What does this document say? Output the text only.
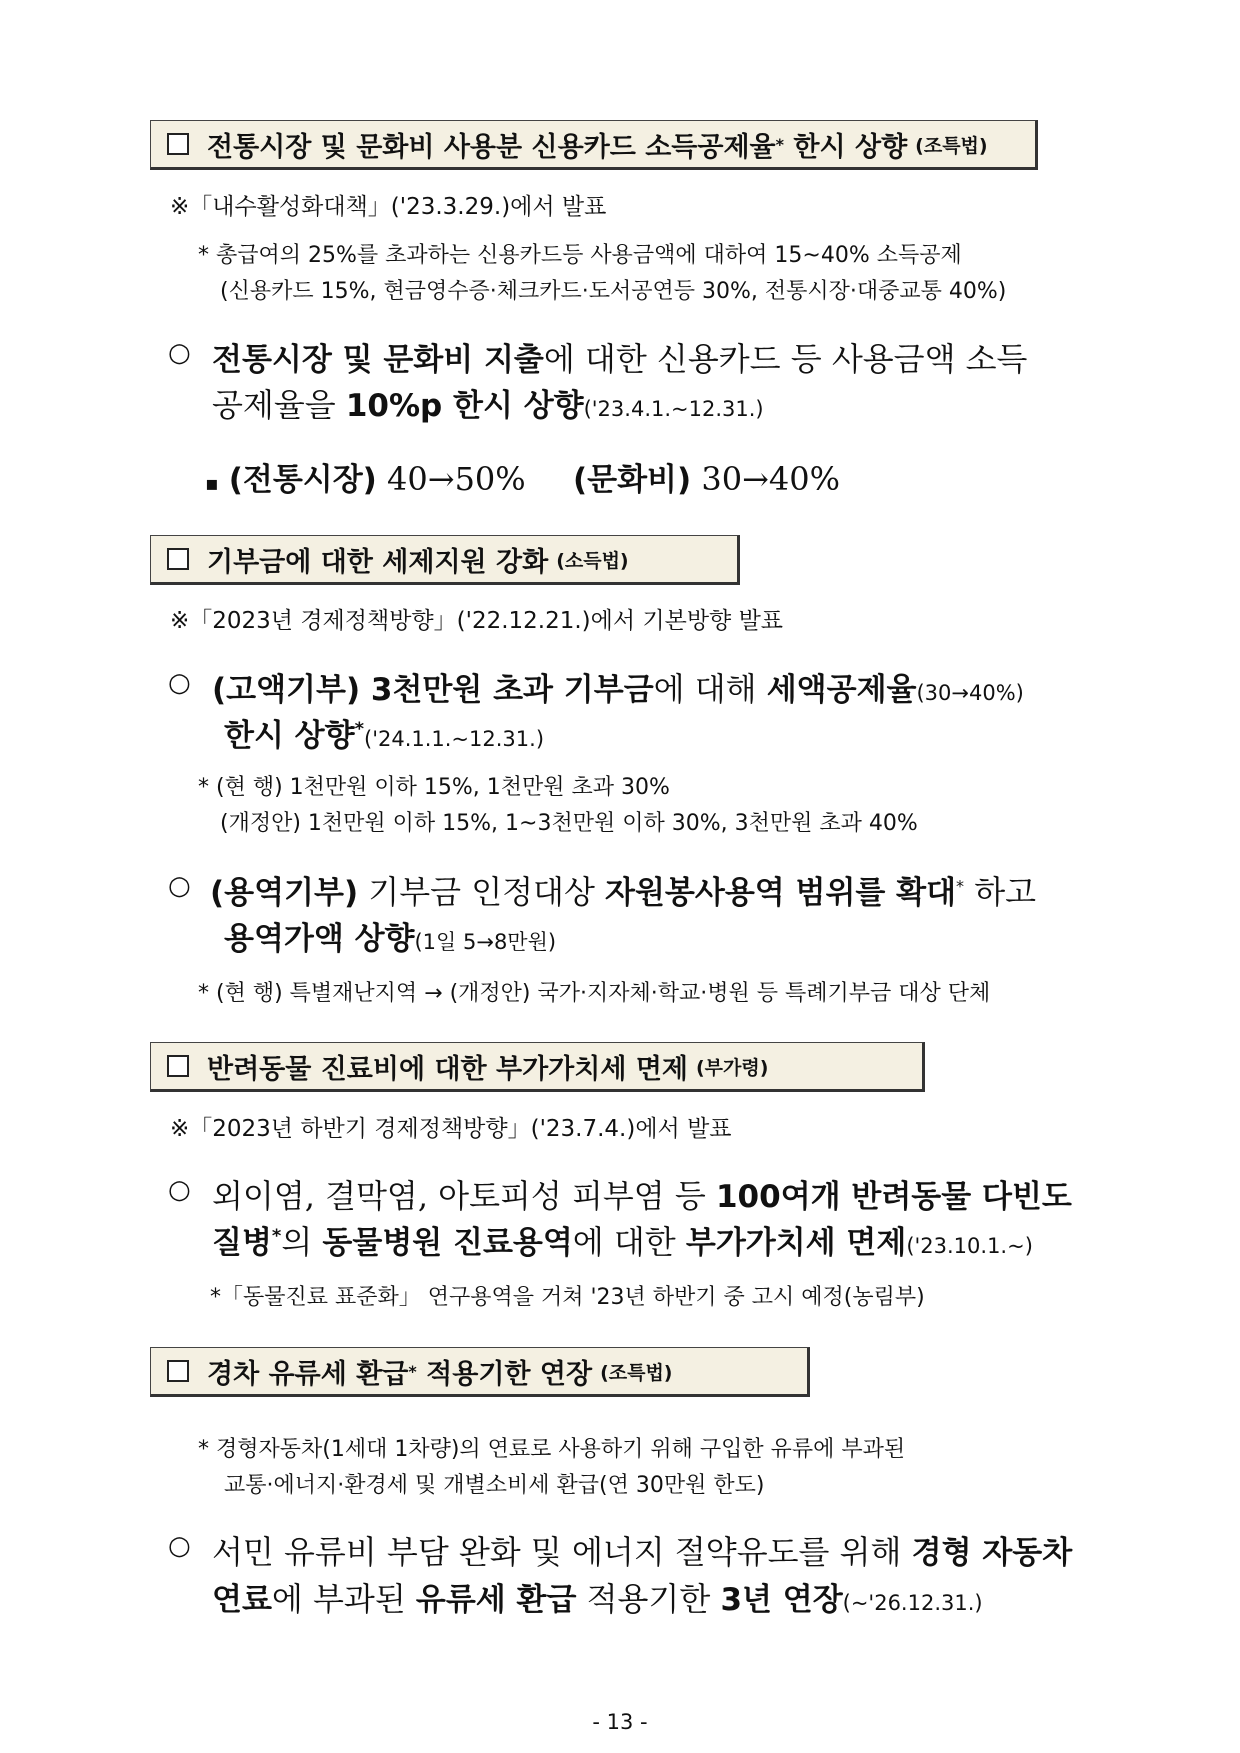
전통시장 및 문화비 사용분 신용카드 소득공제율 *
한시 상향 (조특법)
※「내수활성화대책」('23.3.29.)에서 발표
* 총급여의 25%를 초과하는 신용카드등 사용금액에 대하여 15~40% 소득공제
(신용카드 15%, 현금영수증·체크카드·도서공연등 30%, 전통시장·대중교통 40%)
○ 전통시장 및 문화비 지출에 대한 신용카드 등 사용금액 소득
공제율을 10%p 한시 상향('23.4.1.~12.31.)
▪ (전통시장) 40→50% (문화비) 30→40%
기부금에 대한 세제지원 강화 (소득법)
※「2023년 경제정책방향」('22.12.21.)에서 기본방향 발표
○ (고액기부) 3천만원 초과 기부금에 대해 세액공제율(30→40%)
한시 상향*('24.1.1.~12.31.)
* (현 행) 1천만원 이하 15%, 1천만원 초과 30%
(개정안) 1천만원 이하 15%, 1~3천만원 이하 30%, 3천만원 초과 40%
○ (용역기부) 기부금 인정대상 자원봉사용역 범위를 확대* 하고
용역가액 상향(1일 5→8만원)
* (현 행) 특별재난지역 → (개정안) 국가·지자체·학교·병원 등 특례기부금 대상 단체
반려동물 진료비에 대한 부가가치세 면제 (부가령)
※「2023년 하반기 경제정책방향」('23.7.4.)에서 발표
○ 외이염, 결막염, 아토피성 피부염 등 100여개 반려동물 다빈도
질병*의 동물병원 진료용역에 대한 부가가치세 면제('23.10.1.~)
*「동물진료 표준화」 연구용역을 거쳐 '23년 하반기 중 고시 예정(농림부)
경차 유류세 환급 *
적용기한 연장 (조특법)
* 경형자동차(1세대 1차량)의 연료로 사용하기 위해 구입한 유류에 부과된
교통·에너지·환경세 및 개별소비세 환급(연 30만원 한도)
○ 서민 유류비 부담 완화 및 에너지 절약유도를 위해 경형 자동차
연료에 부과된 유류세 환급 적용기한 3년 연장(~'26.12.31.)
- 13 -
